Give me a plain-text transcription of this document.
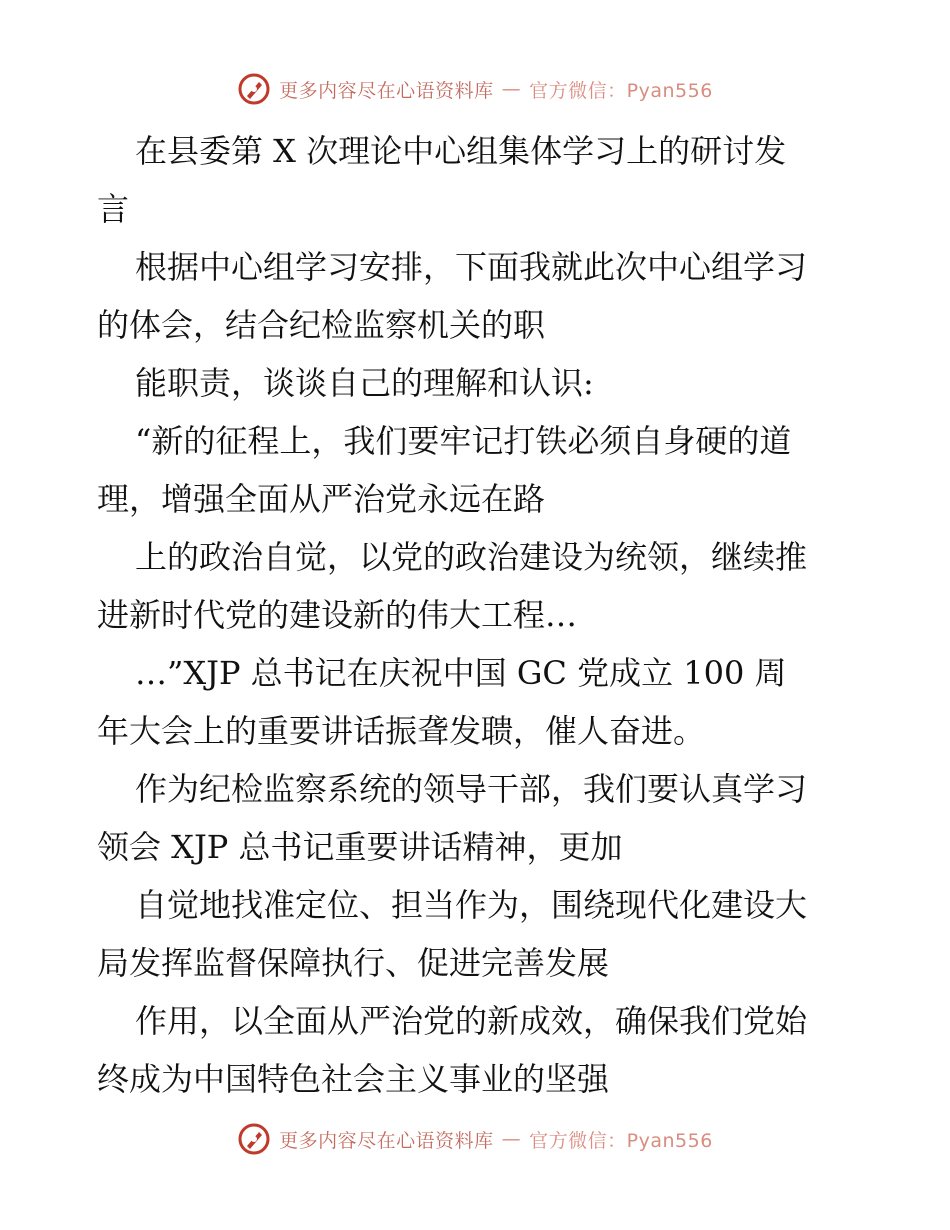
更多内容尽在心语资料库 — 官方微信：Pyan556
在县委第 X 次理论中心组集体学习上的研讨发
言
根据中心组学习安排，下面我就此次中心组学习
的体会，结合纪检监察机关的职
能职责，谈谈自己的理解和认识:
“新的征程上，我们要牢记打铁必须自身硬的道
理，增强全面从严治党永远在路
上的政治自觉，以党的政治建设为统领，继续推
进新时代党的建设新的伟大工程…
…”XJP 总书记在庆祝中国 GC 党成立 100 周
年大会上的重要讲话振聋发聩，催人奋进。
作为纪检监察系统的领导干部，我们要认真学习
领会 XJP 总书记重要讲话精神，更加
自觉地找准定位、担当作为，围绕现代化建设大
局发挥监督保障执行、促进完善发展
作用，以全面从严治党的新成效，确保我们党始
终成为中国特色社会主义事业的坚强
更多内容尽在心语资料库 — 官方微信：Pyan556
